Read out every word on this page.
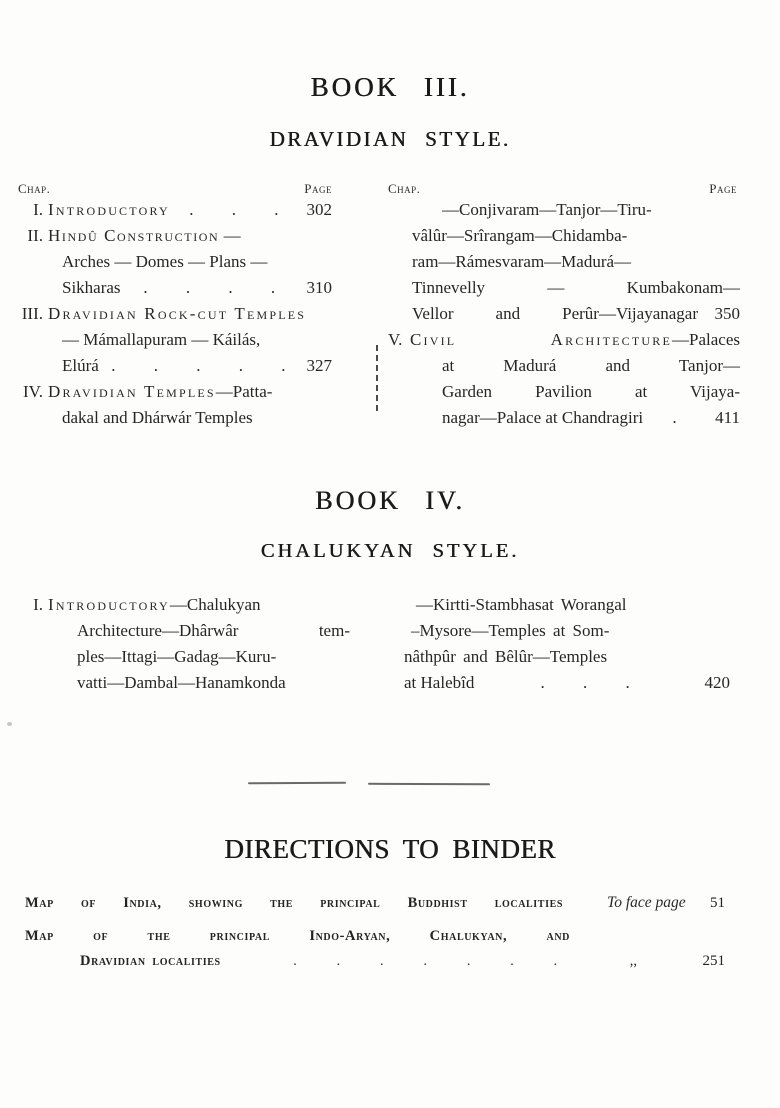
BOOK III.
DRAVIDIAN STYLE.
Chap.	Page	Chap.	Page
I. Introductory	. . .	302
II. Hindû Construction —
Arches — Domes — Plans —
Sikharas	. . . .	310
III. Dravidian Rock-cut Temples
— Mámallapuram — Káilás,
Elúrá . . . . .	327
IV. Dravidian Temples—Patta-
dakal and Dhárwár Temples
—Conjivaram—Tanjor—Tiru-
vâlûr—Srîrangam—Chidamba-
ram—Rámesvaram—Madurá—
Tinnevelly — Kumbakonam—
Vellor and Perûr—Vijayanagar 350
V. Civil Architecture—Palaces
at Madurá and Tanjor—
Garden Pavilion at Vijaya-
nagar—Palace at Chandragiri	.	411
BOOK IV.
CHALUKYAN STYLE.
I. Introductory—Chalukyan
Architecture—Dhârwâr tem-
ples—Ittagi—Gadag—Kuru-
vatti—Dambal—Hanamkonda
—Kirtti-Stambhasat Worangal
–Mysore—Temples at Som-
nâthpûr and Bêlûr—Temples
at Halebîd	. . .	420
DIRECTIONS TO BINDER
Map of India, showing the principal Buddhist localities	To face page	51
Map of the principal Indo-Aryan, Chalukyan, and
Dravidian localities	. . . . . . .	,,	251
